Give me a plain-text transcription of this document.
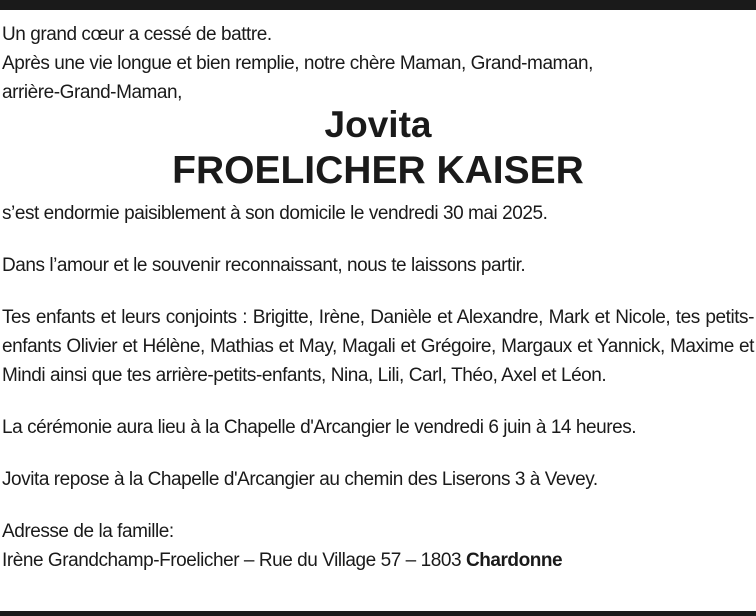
Un grand cœur a cessé de battre.

Après une vie longue et bien remplie, notre chère Maman, Grand-maman,

arrière-Grand-Maman,

Jovita

FROELICHER KAISER

s’est endormie paisiblement à son domicile le vendredi 30 mai 2025.

Dans l’amour et le souvenir reconnaissant, nous te laissons partir.

Tes enfants et leurs conjoints : Brigitte, Irène, Danièle et Alexandre, Mark et Nicole, tes petits-enfants Olivier et Hélène, Mathias et May, Magali et Grégoire, Margaux et Yannick, Maxime et Mindi ainsi que tes arrière-petits-enfants, Nina, Lili, Carl, Théo, Axel et Léon.

La cérémonie aura lieu à la Chapelle d'Arcangier le vendredi 6 juin à 14 heures.

Jovita repose à la Chapelle d'Arcangier au chemin des Liserons 3 à Vevey.

Adresse de la famille:

Irène Grandchamp-Froelicher – Rue du Village 57 – 1803 Chardonne
